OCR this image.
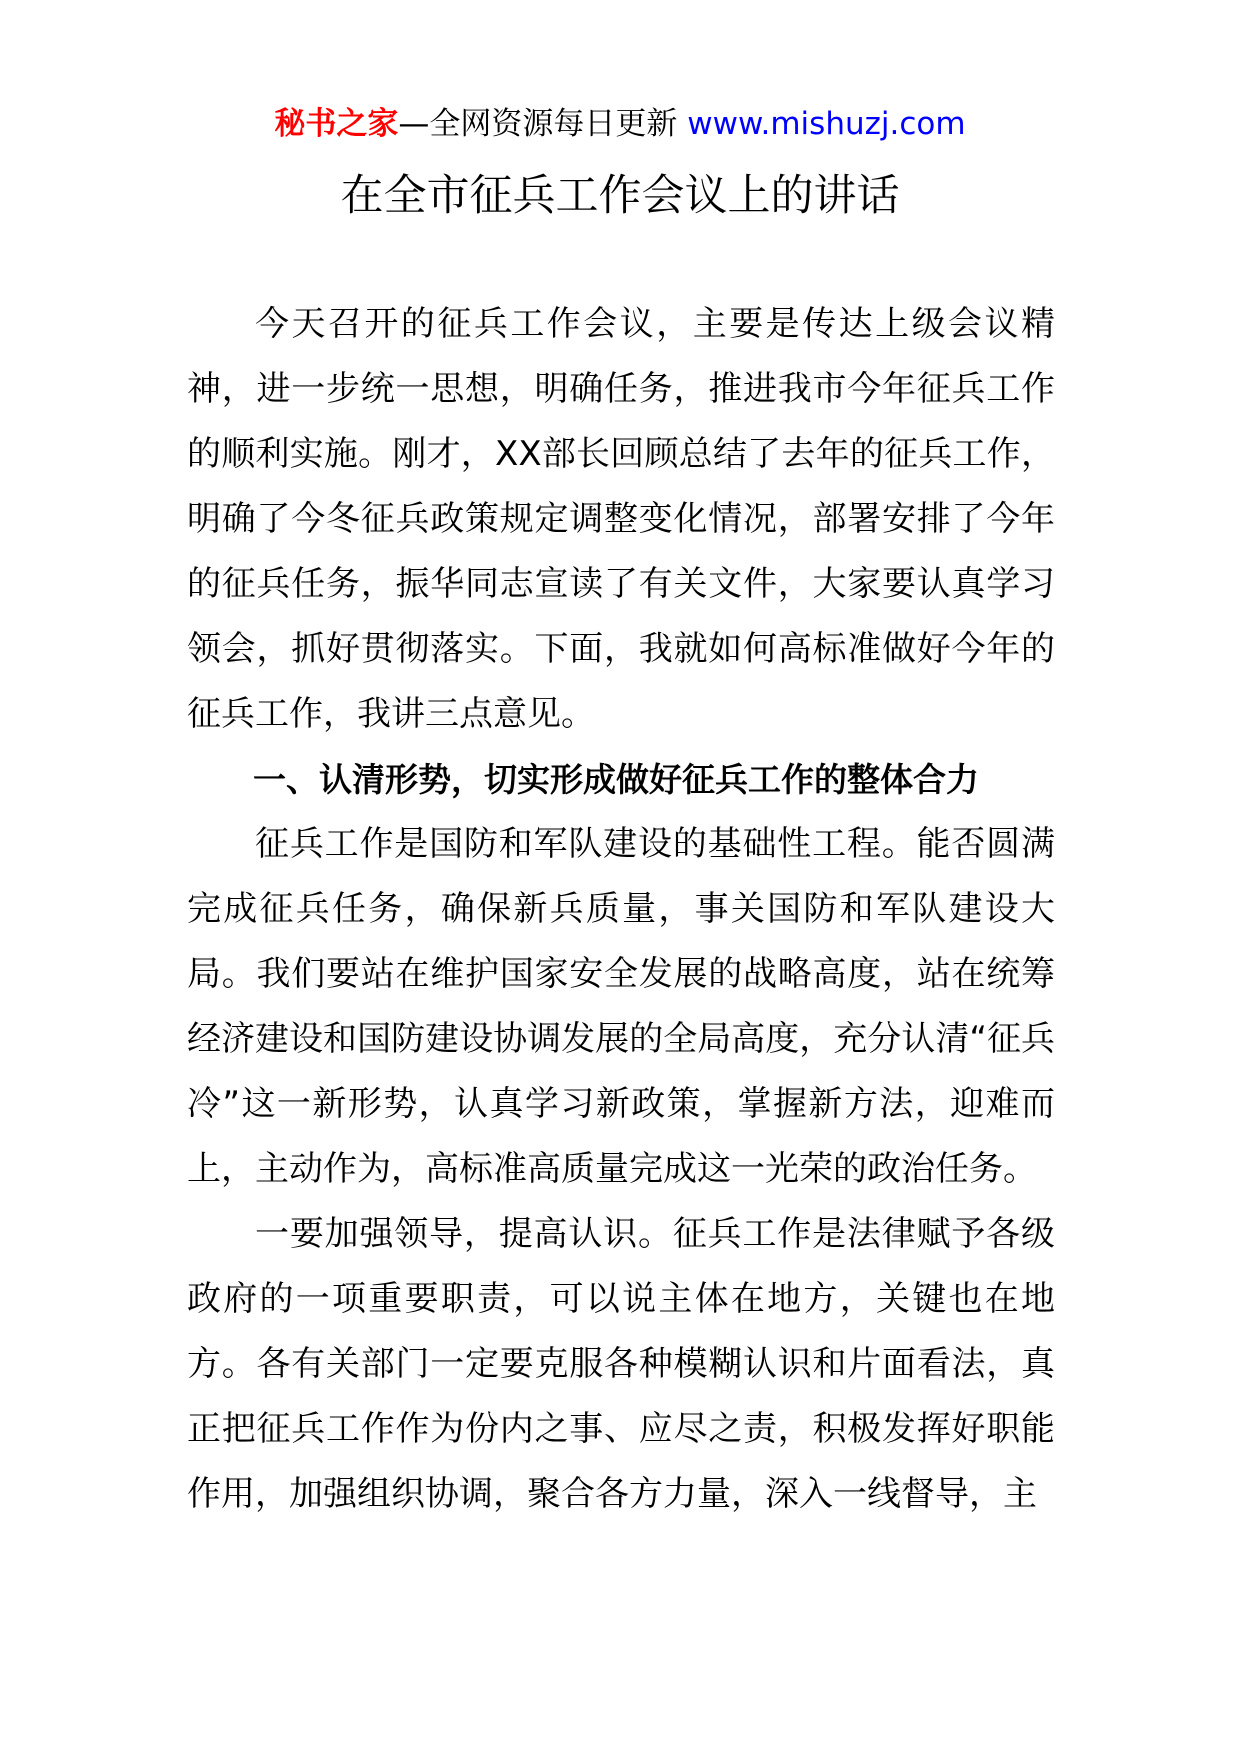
秘书之家—全网资源每日更新 www.mishuzj.com
在全市征兵工作会议上的讲话

今天召开的征兵工作会议，主要是传达上级会议精神，进一步统一思想，明确任务，推进我市今年征兵工作的顺利实施。刚才，XX部长回顾总结了去年的征兵工作，明确了今冬征兵政策规定调整变化情况，部署安排了今年的征兵任务，振华同志宣读了有关文件，大家要认真学习领会，抓好贯彻落实。下面，我就如何高标准做好今年的征兵工作，我讲三点意见。

一、认清形势，切实形成做好征兵工作的整体合力

征兵工作是国防和军队建设的基础性工程。能否圆满完成征兵任务，确保新兵质量，事关国防和军队建设大局。我们要站在维护国家安全发展的战略高度，站在统筹经济建设和国防建设协调发展的全局高度，充分认清“征兵冷”这一新形势，认真学习新政策，掌握新方法，迎难而上，主动作为，高标准高质量完成这一光荣的政治任务。

一要加强领导，提高认识。征兵工作是法律赋予各级政府的一项重要职责，可以说主体在地方，关键也在地方。各有关部门一定要克服各种模糊认识和片面看法，真正把征兵工作作为份内之事、应尽之责，积极发挥好职能作用，加强组织协调，聚合各方力量，深入一线督导，主
